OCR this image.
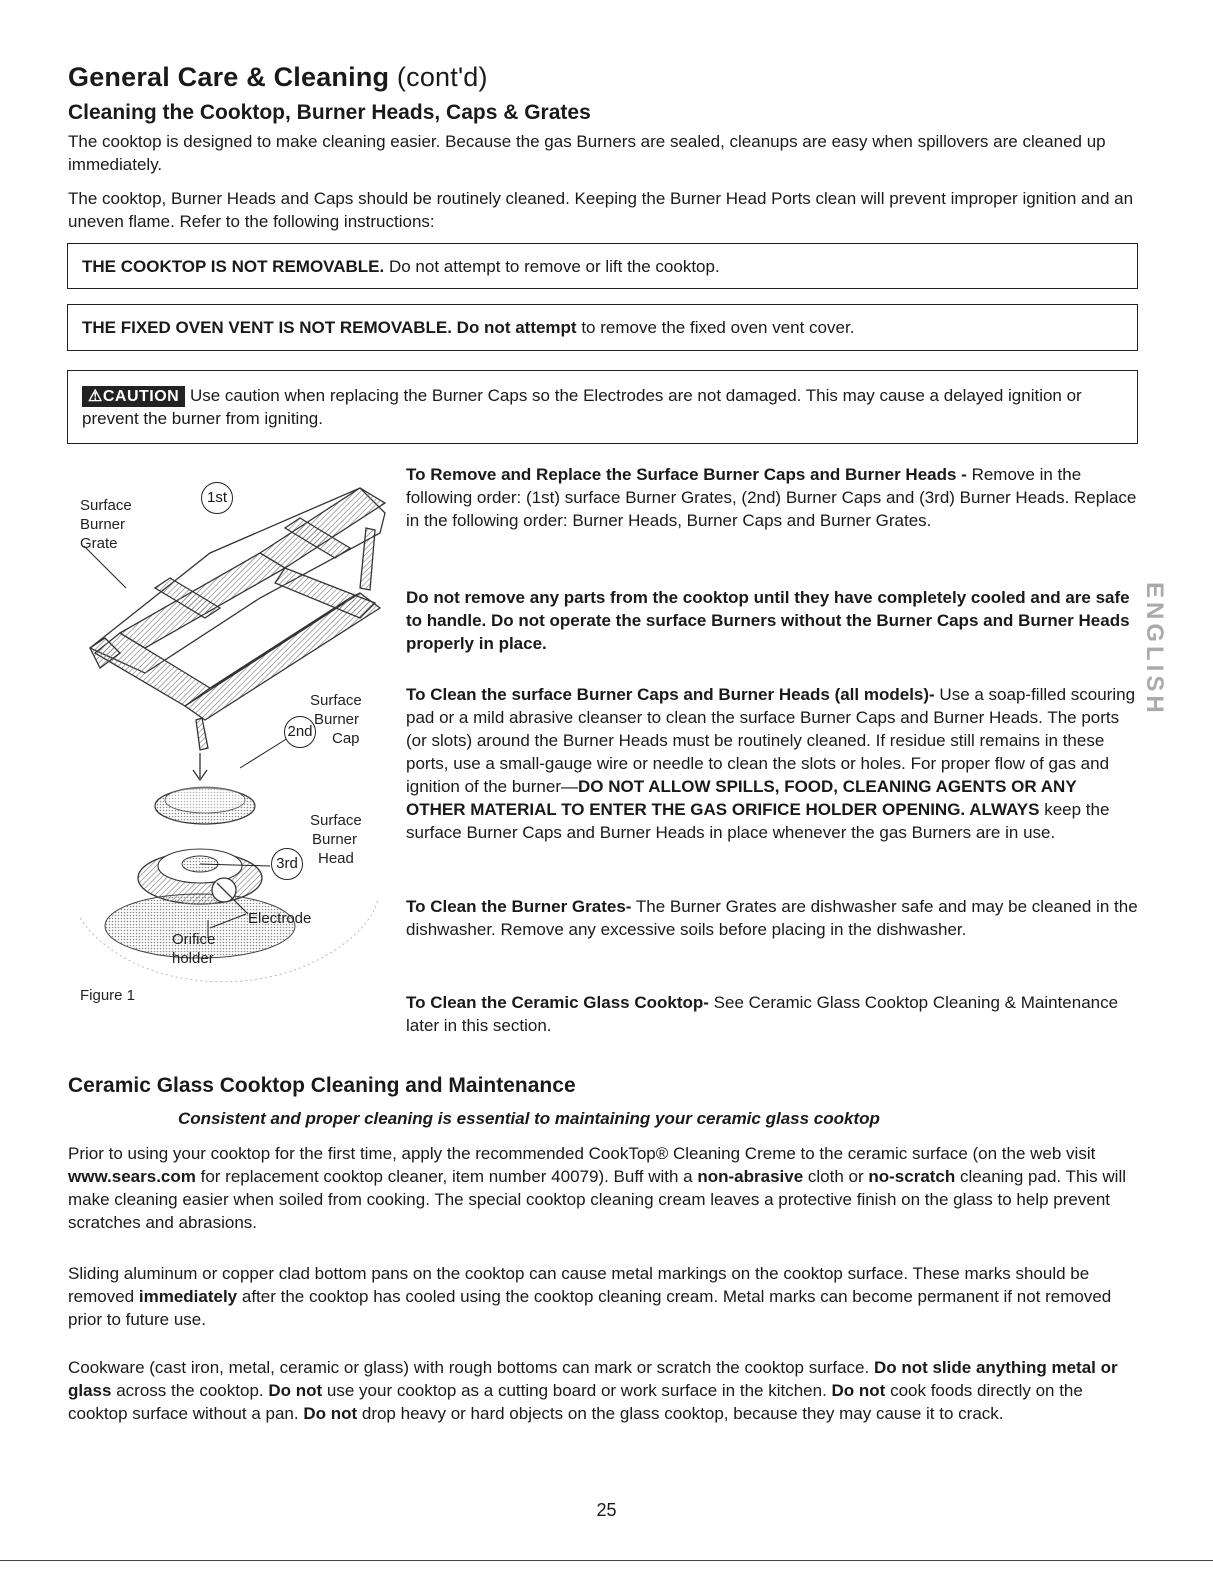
General Care & Cleaning (cont'd)
Cleaning the Cooktop, Burner Heads, Caps & Grates
The cooktop is designed to make cleaning easier. Because the gas Burners are sealed, cleanups are easy when spillovers are cleaned up immediately.
The cooktop, Burner Heads and Caps should be routinely cleaned. Keeping the Burner Head Ports clean will prevent improper ignition and an uneven flame. Refer to the following instructions:
THE COOKTOP IS NOT REMOVABLE. Do not attempt to remove or lift the cooktop.
THE FIXED OVEN VENT IS NOT REMOVABLE. Do not attempt to remove the fixed oven vent cover.
⚠CAUTION Use caution when replacing the Burner Caps so the Electrodes are not damaged. This may cause a delayed ignition or prevent the burner from igniting.
Surface
Burner
Grate
1st
Surface
Burner
Cap
2nd
Surface
Burner
Head
3rd
Electrode
Orifice
holder
Figure 1
To Remove and Replace the Surface Burner Caps and Burner Heads - Remove in the following order: (1st) surface Burner Grates, (2nd) Burner Caps and (3rd) Burner Heads. Replace in the following order: Burner Heads, Burner Caps and Burner Grates.
Do not remove any parts from the cooktop until they have completely cooled and are safe to handle. Do not operate the surface Burners without the Burner Caps and Burner Heads properly in place.
To Clean the surface Burner Caps and Burner Heads (all models)- Use a soap-filled scouring pad or a mild abrasive cleanser to clean the surface Burner Caps and Burner Heads. The ports (or slots) around the Burner Heads must be routinely cleaned. If residue still remains in these ports, use a small-gauge wire or needle to clean the slots or holes. For proper flow of gas and ignition of the burner—DO NOT ALLOW SPILLS, FOOD, CLEANING AGENTS OR ANY OTHER MATERIAL TO ENTER THE GAS ORIFICE HOLDER OPENING. ALWAYS keep the surface Burner Caps and Burner Heads in place whenever the gas Burners are in use.
To Clean the Burner Grates- The Burner Grates are dishwasher safe and may be cleaned in the dishwasher. Remove any excessive soils before placing in the dishwasher.
To Clean the Ceramic Glass Cooktop- See Ceramic Glass Cooktop Cleaning & Maintenance later in this section.
ENGLISH
Ceramic Glass Cooktop Cleaning and Maintenance
Consistent and proper cleaning is essential to maintaining your ceramic glass cooktop
Prior to using your cooktop for the first time, apply the recommended CookTop® Cleaning Creme to the ceramic surface (on the web visit www.sears.com for replacement cooktop cleaner, item number 40079). Buff with a non-abrasive cloth or no-scratch cleaning pad. This will make cleaning easier when soiled from cooking. The special cooktop cleaning cream leaves a protective finish on the glass to help prevent scratches and abrasions.
Sliding aluminum or copper clad bottom pans on the cooktop can cause metal markings on the cooktop surface. These marks should be removed immediately after the cooktop has cooled using the cooktop cleaning cream. Metal marks can become permanent if not removed prior to future use.
Cookware (cast iron, metal, ceramic or glass) with rough bottoms can mark or scratch the cooktop surface. Do not slide anything metal or glass across the cooktop. Do not use your cooktop as a cutting board or work surface in the kitchen. Do not cook foods directly on the cooktop surface without a pan. Do not drop heavy or hard objects on the glass cooktop, because they may cause it to crack.
25
